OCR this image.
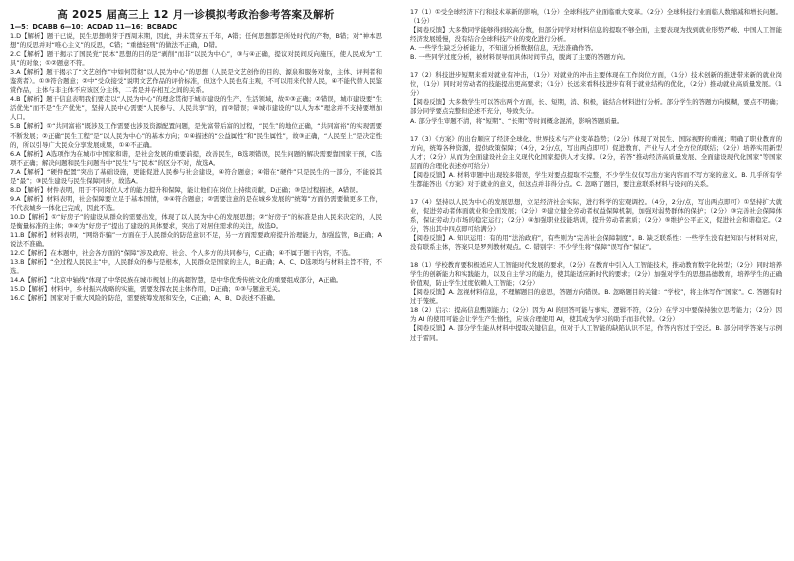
高 2025 届高三上 12 月一诊模拟考政治参考答案及解析
1—5：DCABB 6—10：ACDAD 11—16：BCBADC

1.D【解析】题干已说，民生思想萌芽于西周末期，因此，并未贯穿五千年，A错；任何思想都是所处时代的产物，B错；对“神本思想”的反思并对“唯心主义”的反思，C错；“重德轻刑”的做法不正确，D错。

2.C【解析】题干揭示了国民党“民本”思想的目的是“剥削”而非“以民为中心”，③与④正确，提议对民间反向施压，使人民成为“工具”的对象；①②题意不符。

3.A【解析】题干揭示了“文艺创作”中如何贯彻“以人民为中心”的思想（人民是文艺创作的目的、源泉和服务对象，主体、评判者和鉴赏者）。①③符合题意；②中“受众接受”说明文艺作品的评价标准，但这个人民也有主观，不可以用来代替人民，④不能代替人民鉴赏作品，主体与非主体不应该区分主体，二者是并存相互之间的关系。

4.B【解析】题干信息表明我们要走以“人民为中心”的理念贯彻于城市建设的生产、生活领域，故①③正确；②错误，城市建设要“生活优先”而不是“生产优先”，坚持人民中心需要“人民参与、人民共享”的，而②错误；④城市建设的“以人为本”理念并不支持要增加人口。

5.B【解析】①“共同富裕”既涉及工作需要也涉及资源配置问题，是先富带后富的过程，“民生”的地位正确，“共同富裕”的实现需要不断发展；②正确“民生工程”是“以人民为中心”的基本方向；①④描述的“公益属性”和“民生属性”，故③正确，“人民至上”是决定性的，所以引导广大民众分享发展成果，①④不正确。

6.A【解析】A选项作为在城市中国家和谐，是社会发展的重要前提，改善民生，B选项错误，民生问题的解决需要靠国家干预，C选项不正确；解决问题和民生问题当中“民生”与“民本”的区分不对，故选A。

7.A【解析】“硬件配置”突出了基础设施，更能促进人民参与社会建设，④符合题意；④错在“硬件”只是民生的一部分，不能说其是“最”；③民生建设与民生保障同步，故选A。

8.D【解析】材件表明，用于不同岗位人才的能力提升和保障，能让他们在岗位上持续贡献，D正确；③是过程描述，A错误。

9.A【解析】材料表明，社会保障要立足于基本国情，③④符合题意；②需要注意的是在城乡发展的“统筹”方面仍需要做更多工作，不代表城乡一体化已完成，因此不选。

10.D【解析】①“好房子”的建设从群众的需要出发，体现了以人民为中心的发展思想；②“好房子”的标准是由人民来决定的，人民是衡量标准的主体；③④为“好房子”提出了建设的具体要求，突出了对居住需求的关注，故选D。

11.B【解析】材料表明，“网络诈骗”一方面在于人民群众的防范意识不足，另一方面需要政府提升治理能力，加强监管，B正确；A说法不准确。

12.C【解析】在本题中，社会各方面的“保障”涉及政府、社会、个人多方的共同参与，C正确；④不属于题干内容，不选。

13.B【解析】“全过程人民民主”中，人民群众的参与是根本，人民群众是国家的主人，B正确；A、C、D选项均与材料主旨不符，不选。

14.A【解析】“北京中轴线”体现了中华民族在城市规划上的高超智慧，是中华优秀传统文化的重要组成部分，A正确。

15.D【解析】材料中，乡村振兴战略的实施，需要发挥农民主体作用，D正确；①③与题意无关。

16.C【解析】国家对于重大风险的防范，需要统筹发展和安全，C正确；A、B、D表述不准确。

17（1）①受全球经济下行和技术革新的影响，（1分）全球科技产业面临重大变革。（2分）全球科技行业面临人数缩减和增长问题。（1分）

【阅卷反馈】大多数同学能够得到较高分数，但部分同学对材料信息的提取不够全面，主要表现为找到就业形势严峻、中国人工智能经济发展缓慢，没有结合全球科技产业的变化进行分析。

A. 一些学生缺乏分析能力，不知道分析数据信息，无法准确作答。

B. 一些同学过度分析，被材料误导而具体时间节点，脱离了主要的答题方向。

17（2）科技进步短期来看对就业有冲击，（1分）对就业的冲击主要体现在工作岗位方面，（1分）技术创新的推进带来新的就业岗位，（1分）同时对劳动者的技能提出更高要求；（1分）长远来看科技进步有利于就业结构的优化，（2分）推动就业高质量发展。（1分）

【阅卷反馈】大多数学生可以答出两个方面，长、短期，消、积极，能结合材料进行分析。部分学生的答题方向模糊，要点不明确；部分同学要点完整但论述不充分，导致失分。

A. 部分学生审题不清，将“短期”、“长期”等时间概念混淆，影响答题质量。

17（3）《方案》的出台顺应了经济全球化、世界技术与产业变革趋势；（2分）体现了对民生、国际视野的重视；明确了职业教育的方向，统筹各种资源，提供政策保障；（4分，2分/点，写出两点即可）促进教育、产业与人才全方位的联结；（2分）培养实用新型人才；（2分）从而为全面建设社会主义现代化国家提供人才支撑。（2分，若答“推动经济高质量发展、全面建设现代化国家”等国家层面的合理化表述亦可给分）

【阅卷反馈】A. 材料审题中出现较多错误，学生对要点提取不完整，不少学生仅仅写出方案内容而不写方案的意义。B. 几乎所有学生都能答出《方案》对于就业的意义，但这点并非得分点。C. 忽略了题目，要注意联系材料与设问的关系。

17（4）坚持以人民为中心的发展思想，立足经济社会实际，进行科学的宏观调控。（4分，2分/点，写出两点即可）①坚持扩大就业，促进劳动者体面就业和全面发展；（2分）②建立健全劳动者权益保障机制，加强对弱势群体的保护；（2分）③完善社会保障体系，保证劳动力市场的稳定运行；（2分）④加强职业技能培训，提升劳动者素质；（2分）⑤维护公平正义，促进社会和谐稳定。（2分，答出其中四点即可给满分）

【阅卷反馈】A. 知识运用：有的用“法治政府”，有些则为“完善社会保障制度”。B. 缺乏联系性：一些学生没有把知识与材料对应，没有联系主体，答案只是罗列教材观点。C. 错别字：不少学生将“保障”误写作“保证”。

18（1）学校教育要积极适应人工智能时代发展的要求，（2分）在教育中引入人工智能技术，推动教育数字化转型；（2分）同时培养学生的创新能力和实践能力，以及自主学习的能力，使其能适应新时代的要求；（2分）加强对学生的思想品德教育，培养学生的正确价值观，防止学生过度依赖人工智能；（2分）

【阅卷反馈】A. 忽视材料信息，不理解题目的意思，答题方向错误。B. 忽略题目的关键：“学校”，将主体写作“国家”。C. 答题有时过于笼统。

18（2）启示：提高信息甄别能力；（2分）因为 AI 的回答可能与事实、逻辑不符，（2分）在学习中要保持独立思考能力；（2分）因为 AI 的使用可能会让学生产生惰性，应该合理使用 AI，使其成为学习的助手而非代替。（2分）

【阅卷反馈】A. 部分学生能从材料中提取关键信息，但对于人工智能的缺陷认识不足，作答内容过于空泛。B. 部分同学答案与示例过于雷同。
